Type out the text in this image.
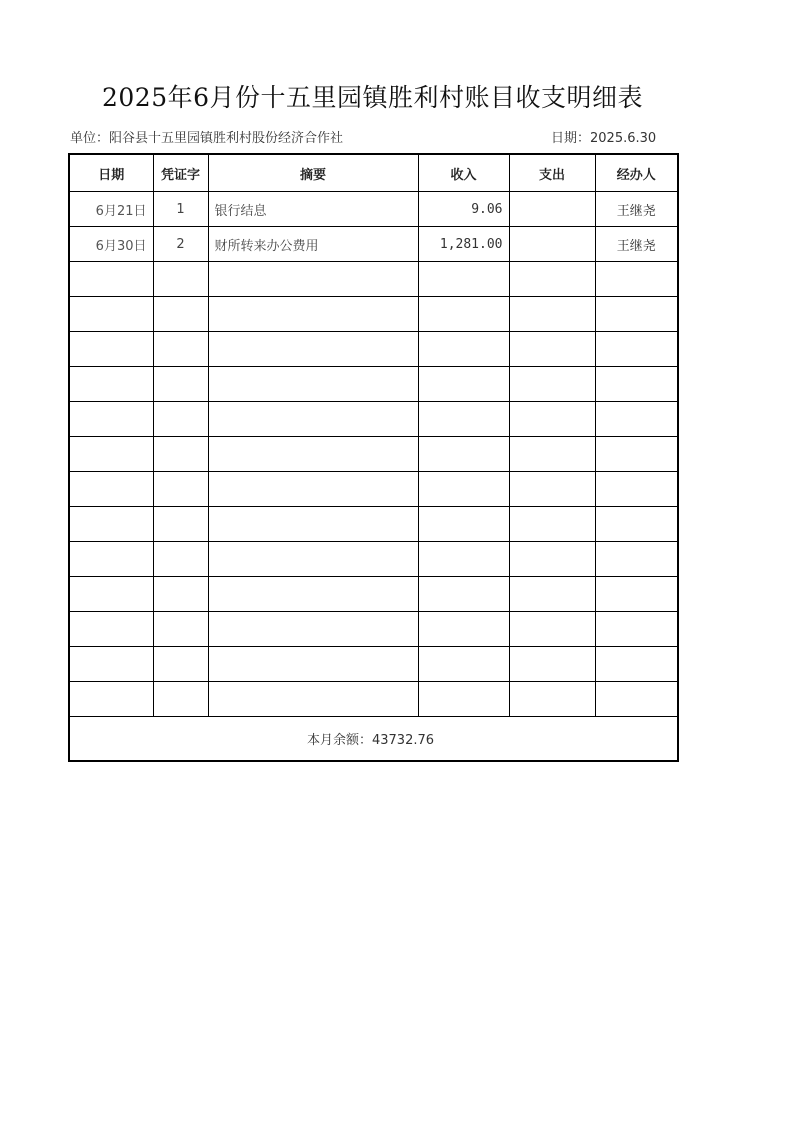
2025年6月份十五里园镇胜利村账目收支明细表
单位：阳谷县十五里园镇胜利村股份经济合作社	日期：2025.6.30
日期	凭证字	摘要	收入	支出	经办人
6月21日	1	银行结息	9.06		王继尧
6月30日	2	财所转来办公费用	1,281.00		王继尧

本月余额：43732.76					
